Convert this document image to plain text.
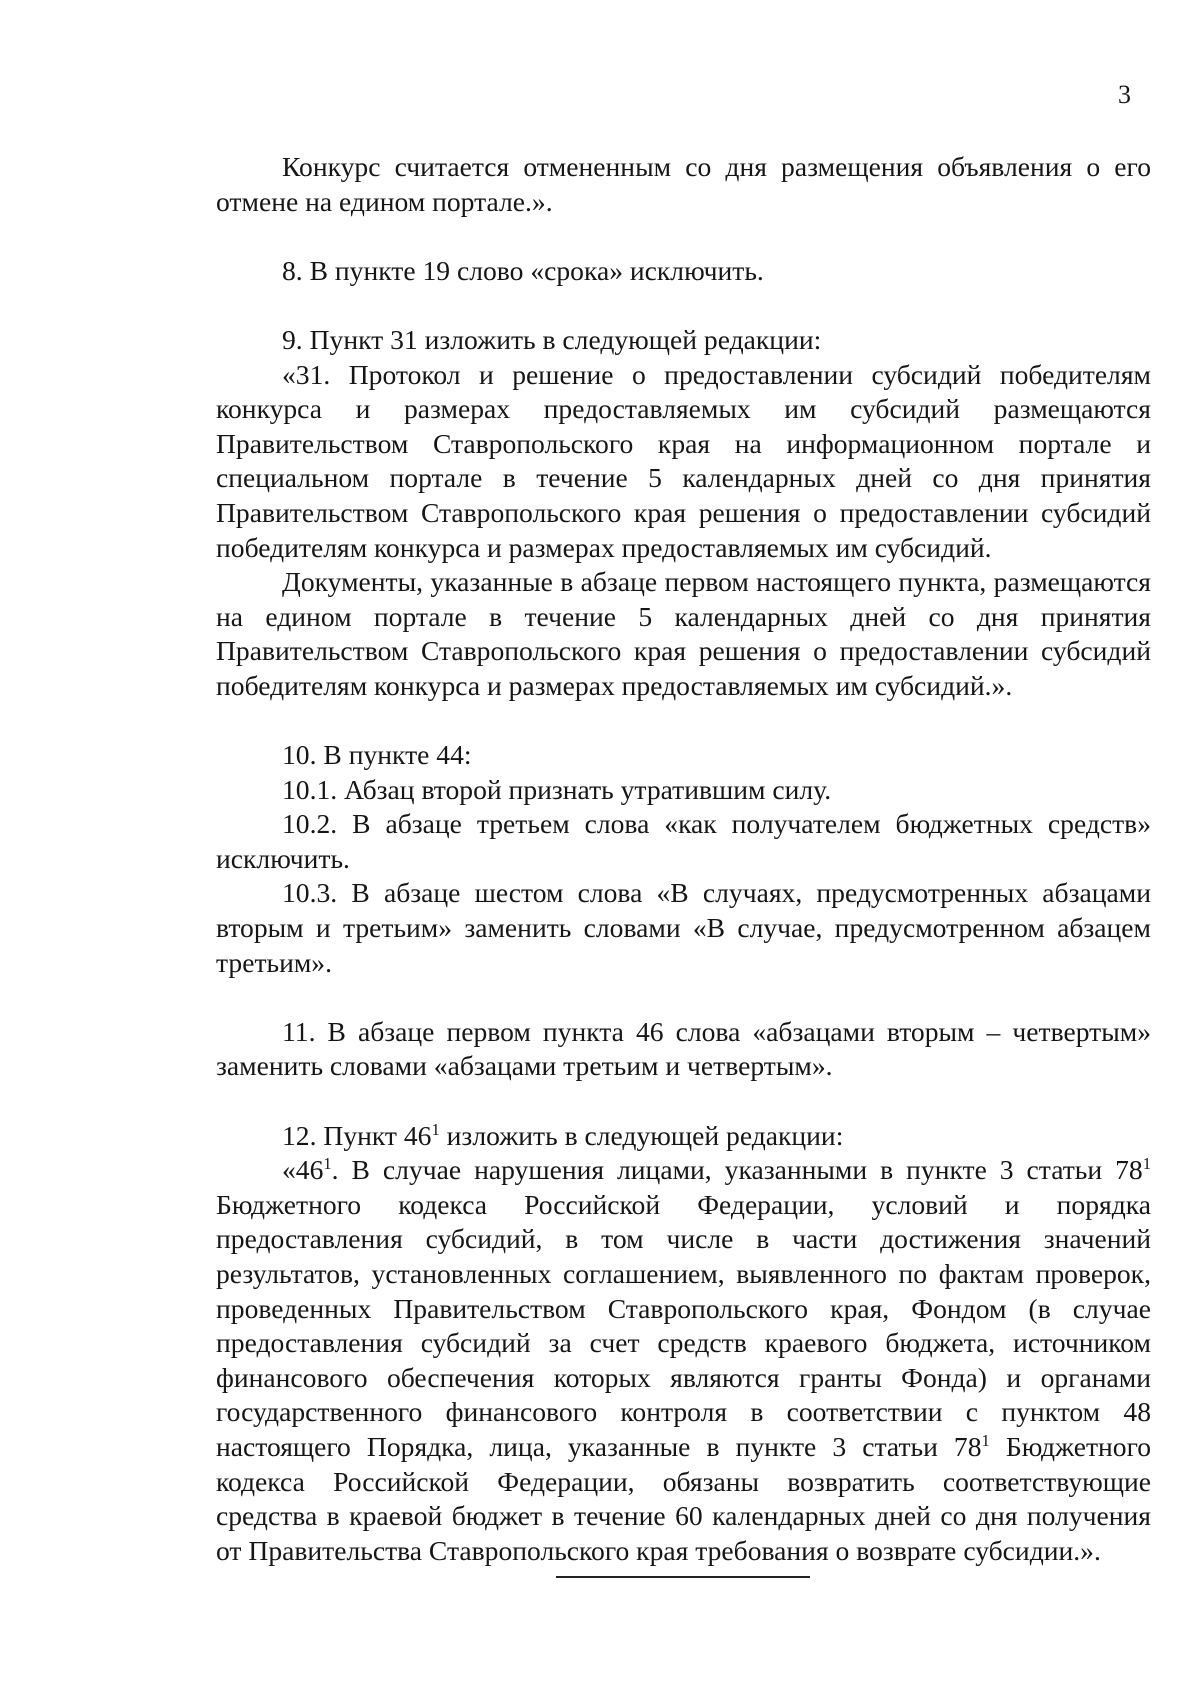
3

Конкурс считается отмененным со дня размещения объявления о его отмене на едином портале.».

8. В пункте 19 слово «срока» исключить.

9. Пункт 31 изложить в следующей редакции:

«31. Протокол и решение о предоставлении субсидий победителям конкурса и размерах предоставляемых им субсидий размещаются Правительством Ставропольского края на информационном портале и специальном портале в течение 5 календарных дней со дня принятия Правительством Ставропольского края решения о предоставлении субсидий победителям конкурса и размерах предоставляемых им субсидий.

Документы, указанные в абзаце первом настоящего пункта, размещаются на едином портале в течение 5 календарных дней со дня принятия Правительством Ставропольского края решения о предоставлении субсидий победителям конкурса и размерах предоставляемых им субсидий.».

10. В пункте 44:

10.1. Абзац второй признать утратившим силу.

10.2. В абзаце третьем слова «как получателем бюджетных средств» исключить.

10.3. В абзаце шестом слова «В случаях, предусмотренных абзацами вторым и третьим» заменить словами «В случае, предусмотренном абзацем третьим».

11. В абзаце первом пункта 46 слова «абзацами вторым – четвертым» заменить словами «абзацами третьим и четвертым».

12. Пункт $46^1$ изложить в следующей редакции:

«$46^1$. В случае нарушения лицами, указанными в пункте 3 статьи $78^1$ Бюджетного кодекса Российской Федерации, условий и порядка предоставления субсидий, в том числе в части достижения значений результатов, установленных соглашением, выявленного по фактам проверок, проведенных Правительством Ставропольского края, Фондом (в случае предоставления субсидий за счет средств краевого бюджета, источником финансового обеспечения которых являются гранты Фонда) и органами государственного финансового контроля в соответствии с пунктом 48 настоящего Порядка, лица, указанные в пункте 3 статьи $78^1$ Бюджетного кодекса Российской Федерации, обязаны возвратить соответствующие средства в краевой бюджет в течение 60 календарных дней со дня получения от Правительства Ставропольского края требования о возврате субсидии.».
